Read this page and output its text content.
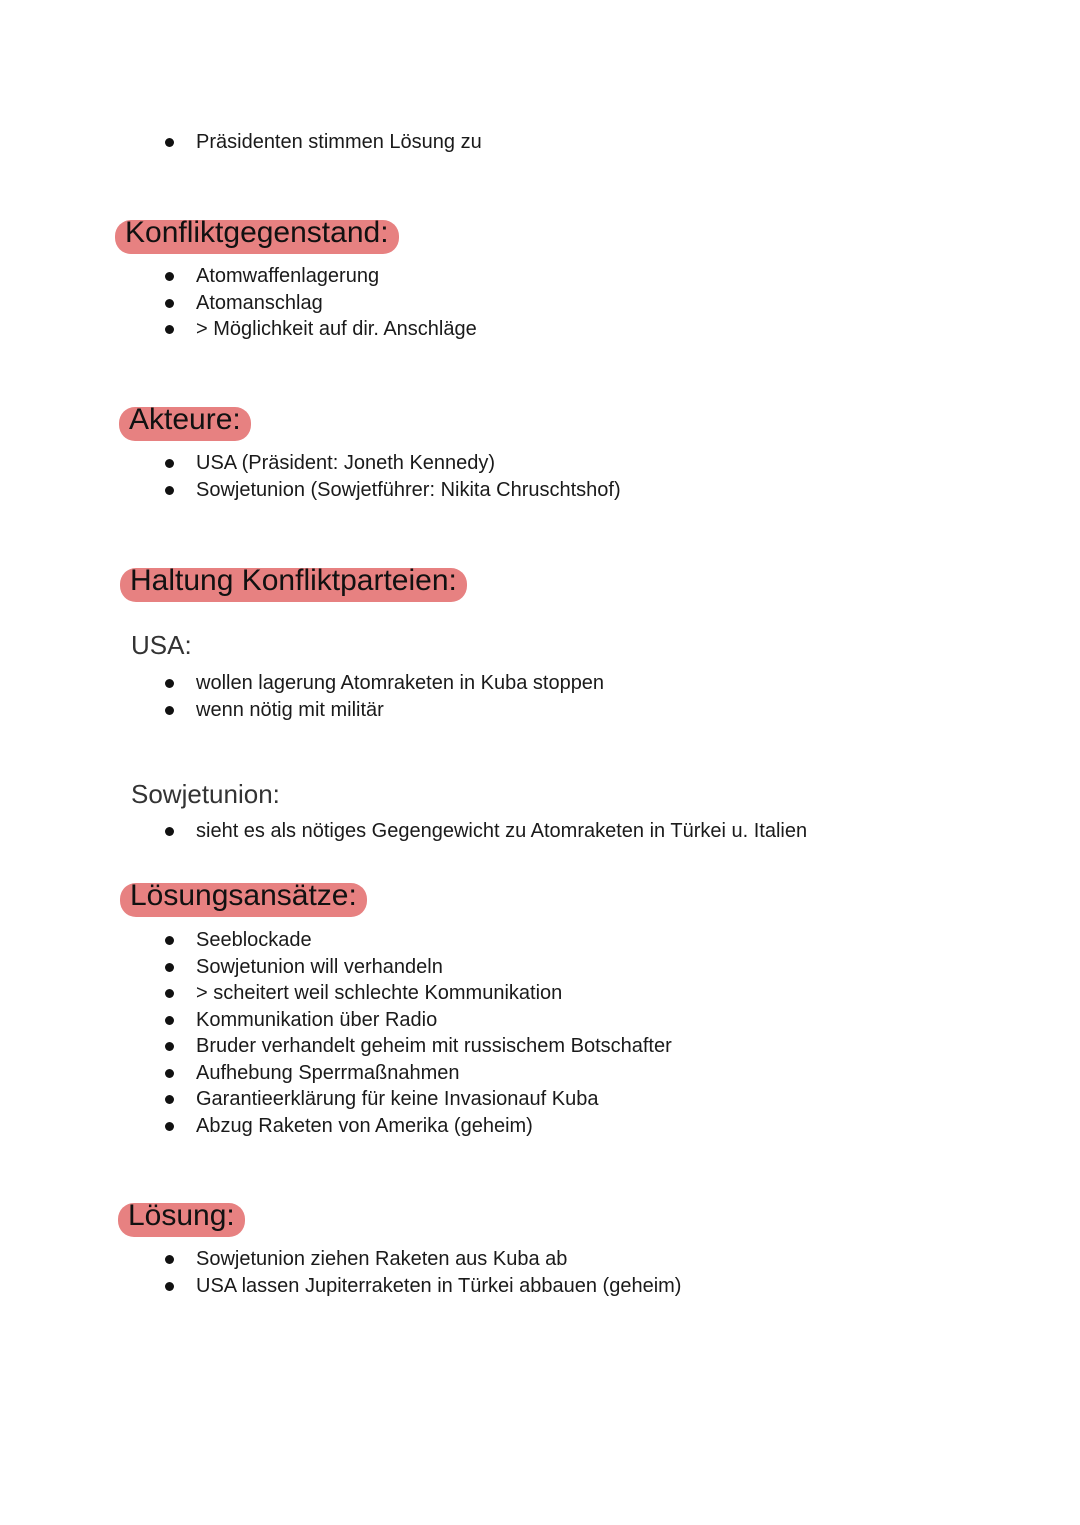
Präsidenten stimmen Lösung zu
Konfliktgegenstand:
Atomwaffenlagerung
Atomanschlag
> Möglichkeit auf dir. Anschläge
Akteure:
USA (Präsident: Joneth Kennedy)
Sowjetunion (Sowjetführer: Nikita Chruschtshof)
Haltung Konfliktparteien:
USA:
wollen lagerung Atomraketen in Kuba stoppen
wenn nötig mit militär
Sowjetunion:
sieht es als nötiges Gegengewicht zu Atomraketen in Türkei u. Italien
Lösungsansätze:
Seeblockade
Sowjetunion will verhandeln
> scheitert weil schlechte Kommunikation
Kommunikation über Radio
Bruder verhandelt geheim mit russischem Botschafter
Aufhebung Sperrmaßnahmen
Garantieerklärung für keine Invasionauf Kuba
Abzug Raketen von Amerika (geheim)
Lösung:
Sowjetunion ziehen Raketen aus Kuba ab
USA lassen Jupiterraketen in Türkei abbauen (geheim)
